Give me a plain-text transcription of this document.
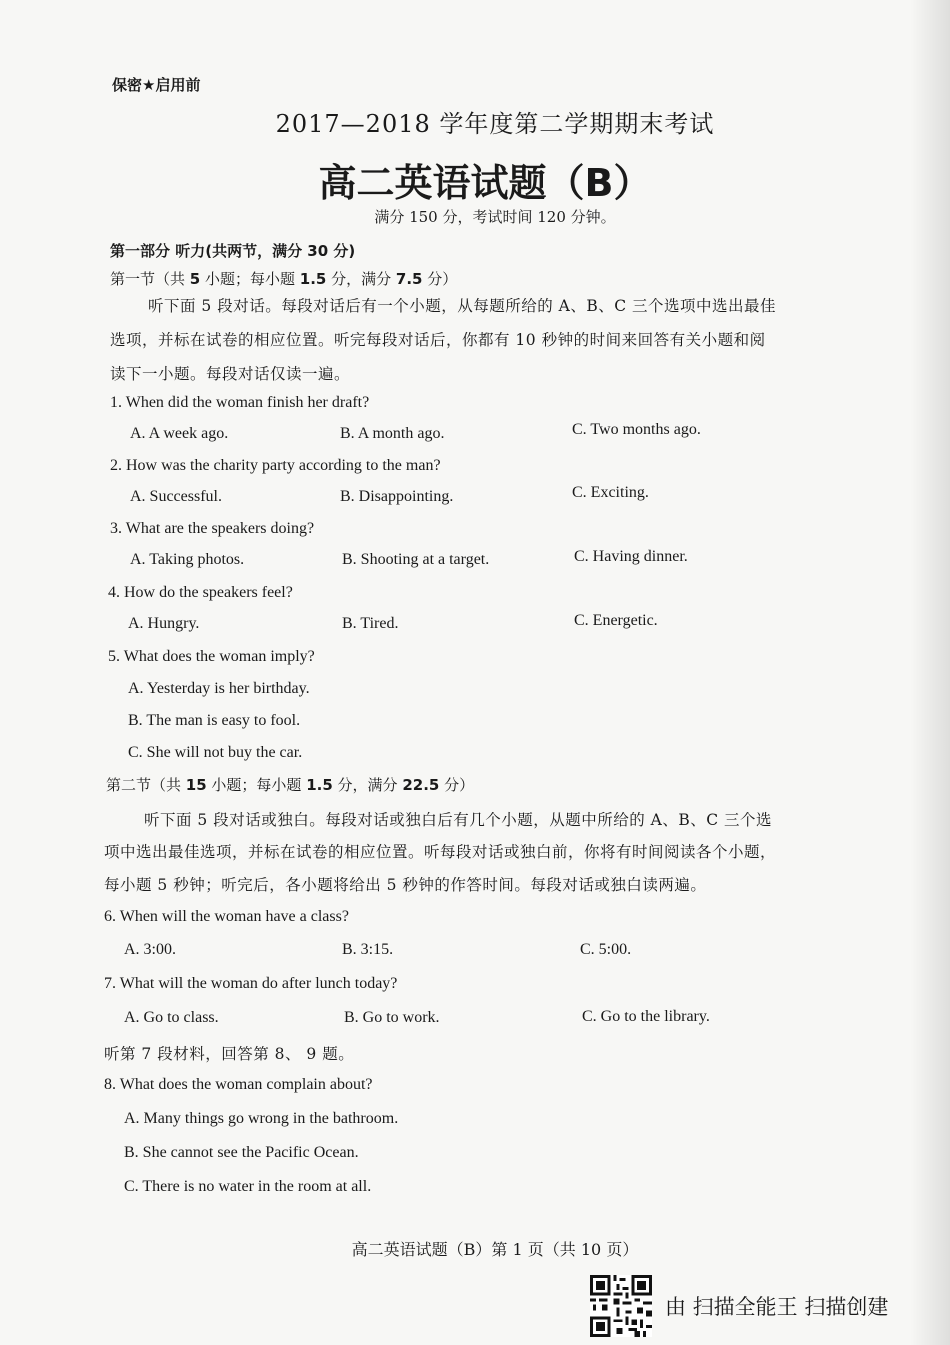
保密★启用前
2017—2018 学年度第二学期期末考试
高二英语试题（B）
满分 150 分，考试时间 120 分钟。
第一部分 听力(共两节，满分 30 分)
第一节（共 5 小题；每小题 1.5 分，满分 7.5 分）
听下面 5 段对话。每段对话后有一个小题，从每题所给的 A、B、C 三个选项中选出最佳
选项，并标在试卷的相应位置。听完每段对话后，你都有 10 秒钟的时间来回答有关小题和阅
读下一小题。每段对话仅读一遍。
1. When did the woman finish her draft?
A. A week ago.	B. A month ago.	C. Two months ago.
2. How was the charity party according to the man?
A. Successful.	B. Disappointing.	C. Exciting.
3. What are the speakers doing?
A. Taking photos.	B. Shooting at a target.	C. Having dinner.
4. How do the speakers feel?
A. Hungry.	B. Tired.	C. Energetic.
5. What does the woman imply?
A. Yesterday is her birthday.
B. The man is easy to fool.
C. She will not buy the car.
第二节（共 15 小题；每小题 1.5 分，满分 22.5 分）
听下面 5 段对话或独白。每段对话或独白后有几个小题，从题中所给的 A、B、C 三个选
项中选出最佳选项，并标在试卷的相应位置。听每段对话或独白前，你将有时间阅读各个小题，
每小题 5 秒钟；听完后，各小题将给出 5 秒钟的作答时间。每段对话或独白读两遍。
6. When will the woman have a class?
A. 3:00.	B. 3:15.	C. 5:00.
7. What will the woman do after lunch today?
A. Go to class.	B. Go to work.	C. Go to the library.
听第 7 段材料，回答第 8、 9 题。
8. What does the woman complain about?
A. Many things go wrong in the bathroom.
B. She cannot see the Pacific Ocean.
C. There is no water in the room at all.
高二英语试题（B）第 1 页（共 10 页）
由 扫描全能王 扫描创建
